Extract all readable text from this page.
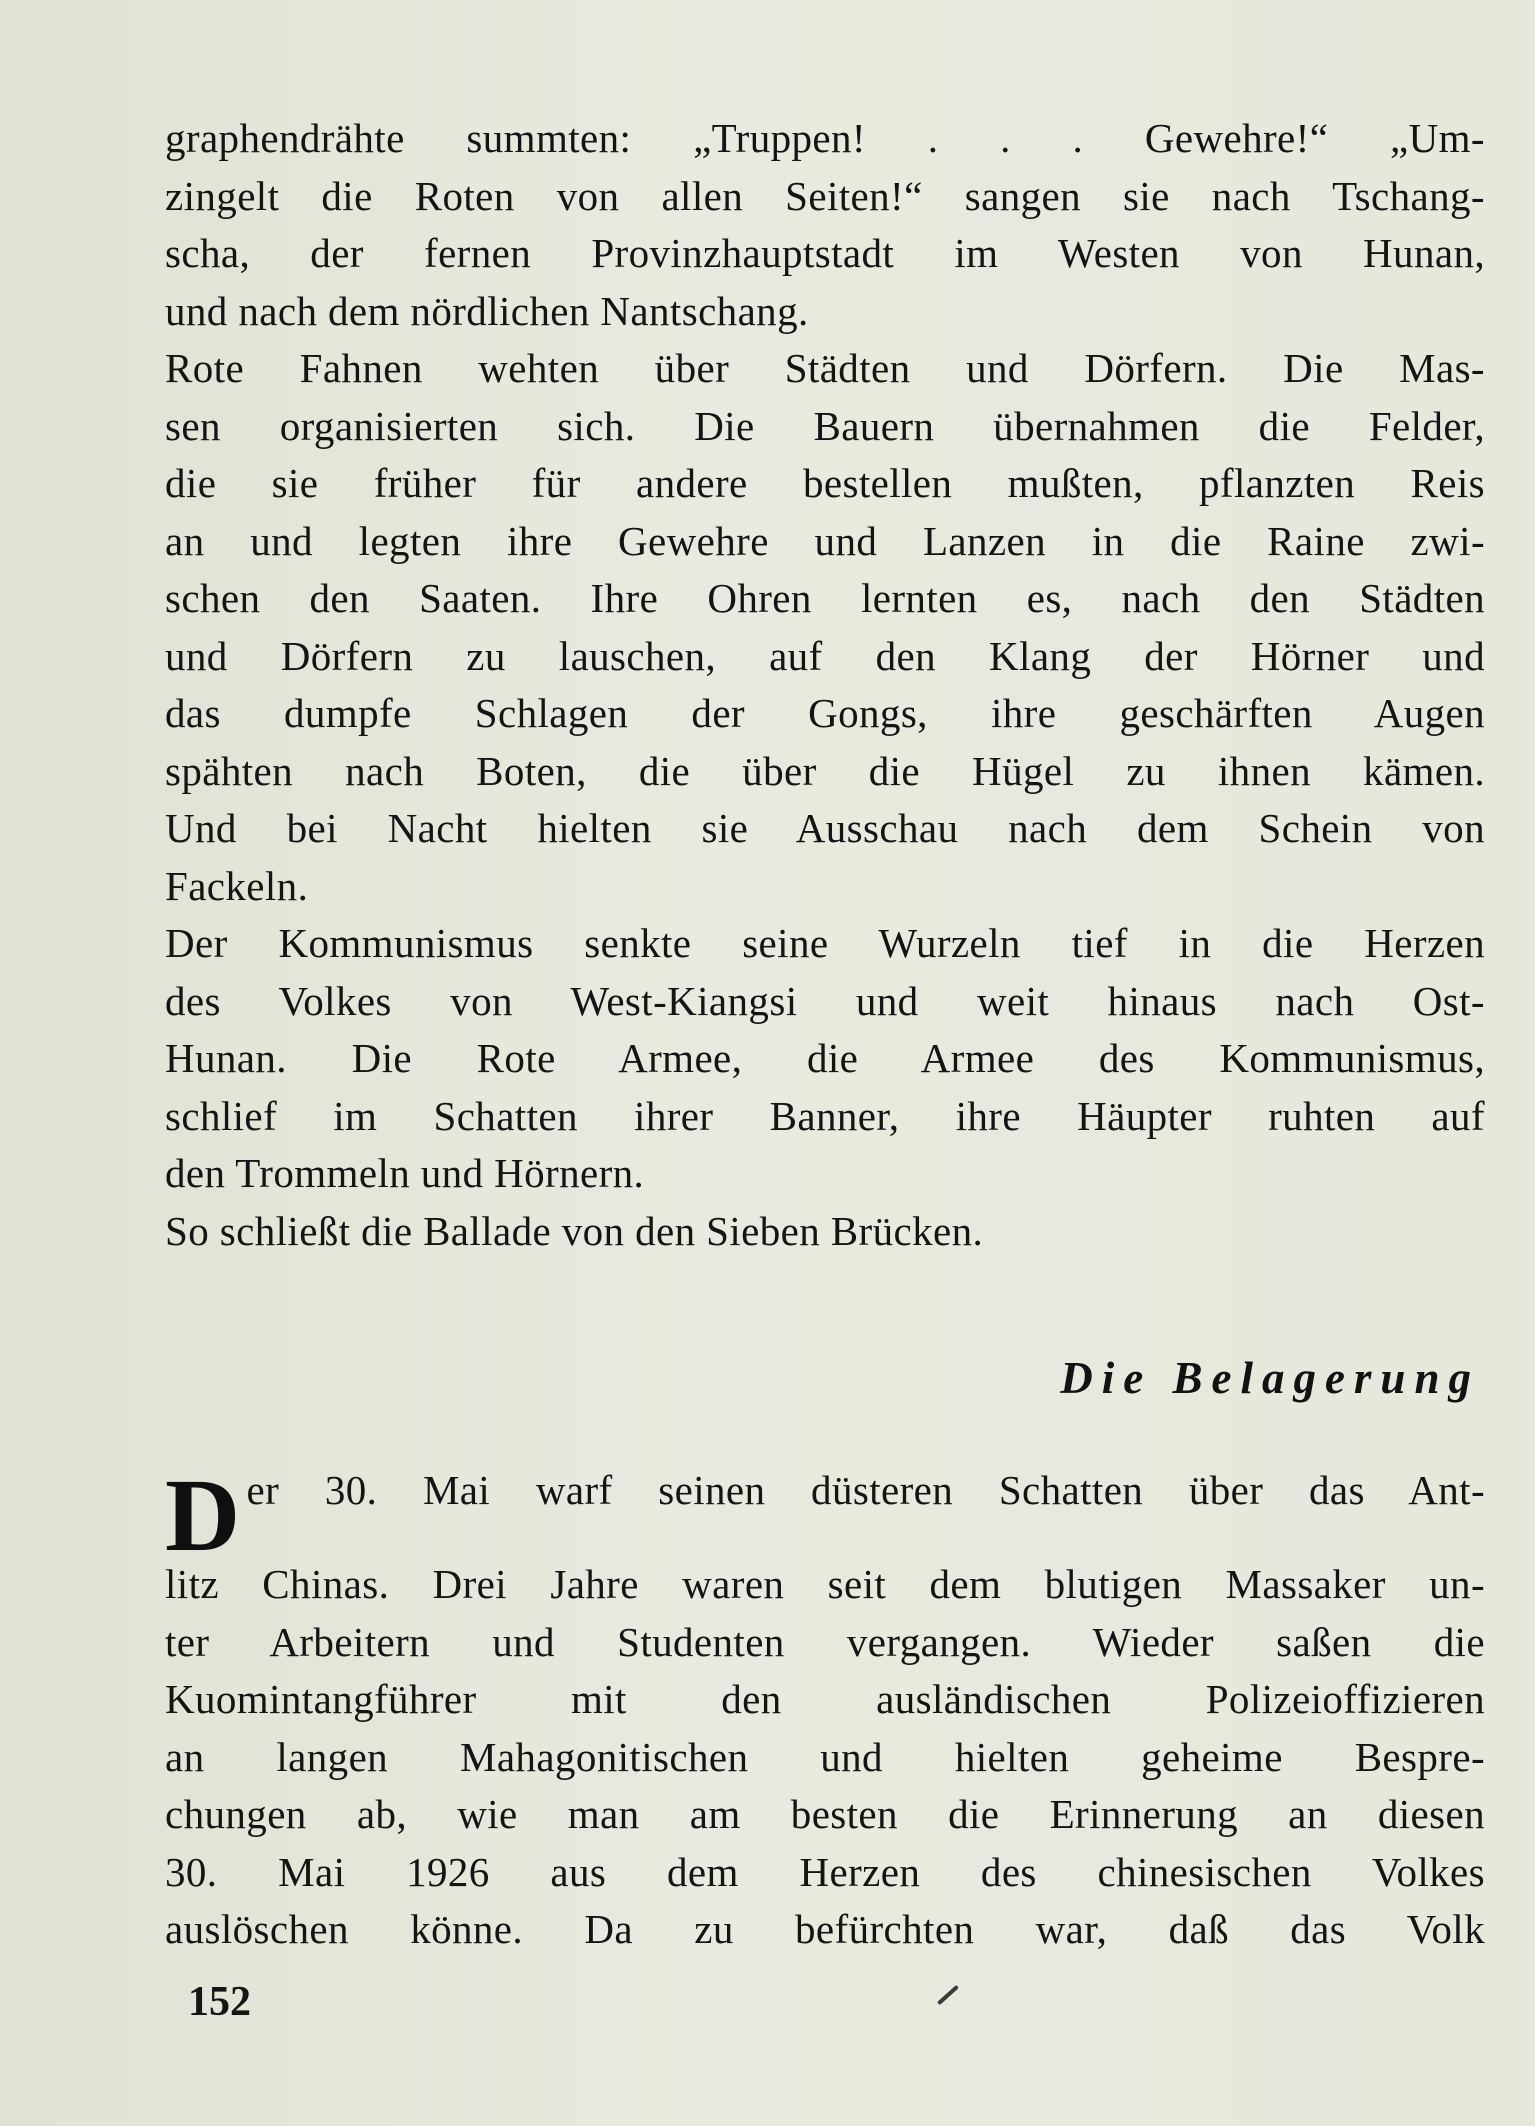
graphendrähte summten: „Truppen! . . . Gewehre!“ „Um-
zingelt die Roten von allen Seiten!“ sangen sie nach Tschang-
scha, der fernen Provinzhauptstadt im Westen von Hunan,
und nach dem nördlichen Nantschang.
Rote Fahnen wehten über Städten und Dörfern. Die Mas-
sen organisierten sich. Die Bauern übernahmen die Felder,
die sie früher für andere bestellen mußten, pflanzten Reis
an und legten ihre Gewehre und Lanzen in die Raine zwi-
schen den Saaten. Ihre Ohren lernten es, nach den Städten
und Dörfern zu lauschen, auf den Klang der Hörner und
das dumpfe Schlagen der Gongs, ihre geschärften Augen
spähten nach Boten, die über die Hügel zu ihnen kämen.
Und bei Nacht hielten sie Ausschau nach dem Schein von
Fackeln.
Der Kommunismus senkte seine Wurzeln tief in die Herzen
des Volkes von West-Kiangsi und weit hinaus nach Ost-
Hunan. Die Rote Armee, die Armee des Kommunismus,
schlief im Schatten ihrer Banner, ihre Häupter ruhten auf
den Trommeln und Hörnern.
So schließt die Ballade von den Sieben Brücken.
Die Belagerung
D er 30. Mai warf seinen düsteren Schatten über das Ant-
litz Chinas. Drei Jahre waren seit dem blutigen Massaker un-
ter Arbeitern und Studenten vergangen. Wieder saßen die
Kuomintangführer mit den ausländischen Polizeioffizieren
an langen Mahagonitischen und hielten geheime Bespre-
chungen ab, wie man am besten die Erinnerung an diesen
30. Mai 1926 aus dem Herzen des chinesischen Volkes
auslöschen könne. Da zu befürchten war, daß das Volk
152
